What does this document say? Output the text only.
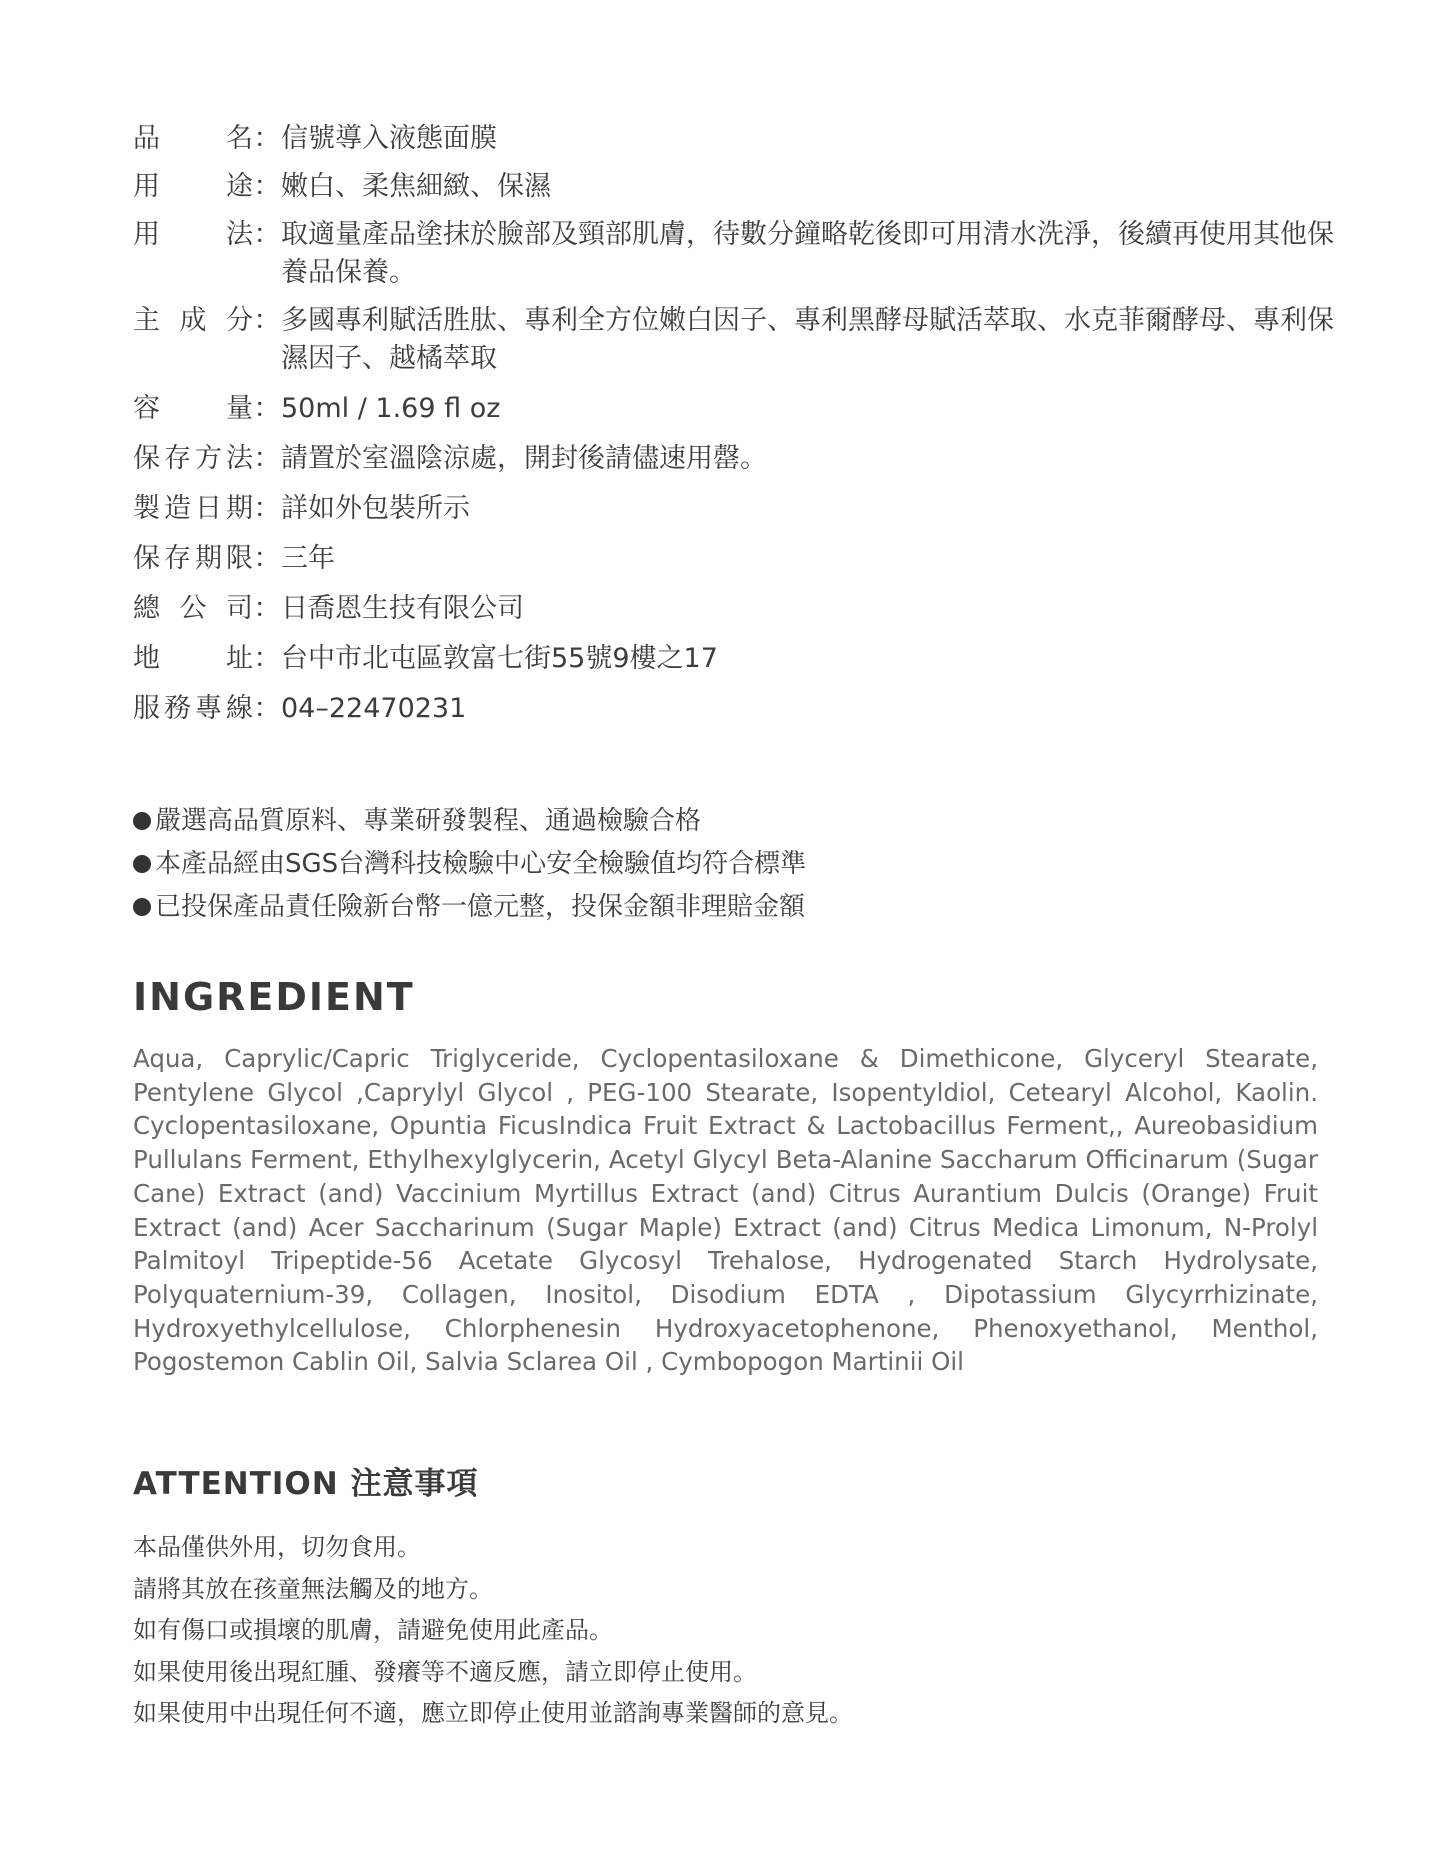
品 名 ： 信號導入液態面膜
用 途 ： 嫩白、柔焦細緻、保濕
用 法 ： 取適量產品塗抹於臉部及頸部肌膚，待數分鐘略乾後即可用清水洗淨，後續再使用其他保養品保養。
主 成 分 ： 多國專利賦活胜肽、專利全方位嫩白因子、專利黑酵母賦活萃取、水克菲爾酵母、專利保濕因子、越橘萃取
容 量 ： 50ml / 1.69 fl oz
保 存 方 法 ： 請置於室溫陰涼處，開封後請儘速用罄。
製 造 日 期 ： 詳如外包裝所示
保 存 期 限 ： 三年
總 公 司 ： 日喬恩生技有限公司
地 址 ： 台中市北屯區敦富七街55號9樓之17
服 務 專 線 ： 04–22470231
嚴選高品質原料、專業研發製程、通過檢驗合格
本產品經由SGS台灣科技檢驗中心安全檢驗值均符合標準
已投保產品責任險新台幣一億元整，投保金額非理賠金額
INGREDIENT
Aqua, Caprylic/Capric Triglyceride, Cyclopentasiloxane & Dimethicone, Glyceryl Stearate, Pentylene Glycol ,Caprylyl Glycol , PEG-100 Stearate, Isopentyldiol, Cetearyl Alcohol, Kaolin. Cyclopentasiloxane, Opuntia FicusIndica Fruit Extract & Lactobacillus Ferment,, Aureobasidium Pullulans Ferment, Ethylhexylglycerin, Acetyl Glycyl Beta-Alanine Saccharum Officinarum (Sugar Cane) Extract (and) Vaccinium Myrtillus Extract (and) Citrus Aurantium Dulcis (Orange) Fruit Extract (and) Acer Saccharinum (Sugar Maple) Extract (and) Citrus Medica Limonum, N-Prolyl Palmitoyl Tripeptide-56 Acetate Glycosyl Trehalose, Hydrogenated Starch Hydrolysate, Polyquaternium-39, Collagen, Inositol, Disodium EDTA , Dipotassium Glycyrrhizinate, Hydroxyethylcellulose, Chlorphenesin Hydroxyacetophenone, Phenoxyethanol, Menthol, Pogostemon Cablin Oil, Salvia Sclarea Oil , Cymbopogon Martinii Oil
ATTENTION 注意事項
本品僅供外用，切勿食用。
請將其放在孩童無法觸及的地方。
如有傷口或損壞的肌膚，請避免使用此產品。
如果使用後出現紅腫、發癢等不適反應，請立即停止使用。
如果使用中出現任何不適，應立即停止使用並諮詢專業醫師的意見。
